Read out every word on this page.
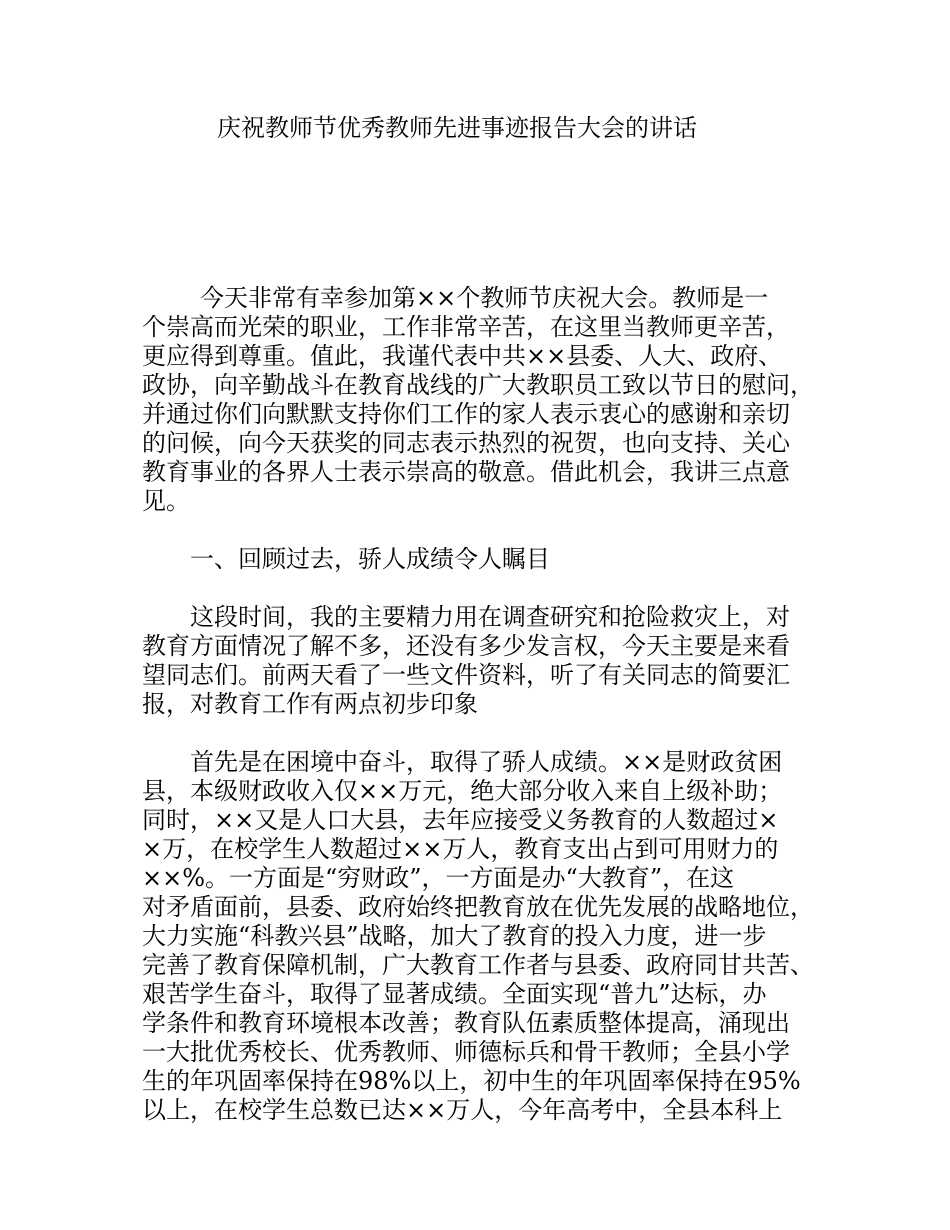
庆祝教师节优秀教师先进事迹报告大会的讲话
今天非常有幸参加第××个教师节庆祝大会。教师是一
个崇高而光荣的职业，工作非常辛苦，在这里当教师更辛苦，
更应得到尊重。值此，我谨代表中共××县委、人大、政府、
政协，向辛勤战斗在教育战线的广大教职员工致以节日的慰问，
并通过你们向默默支持你们工作的家人表示衷心的感谢和亲切
的问候，向今天获奖的同志表示热烈的祝贺，也向支持、关心
教育事业的各界人士表示崇高的敬意。借此机会，我讲三点意
见。
一、回顾过去，骄人成绩令人瞩目
这段时间，我的主要精力用在调查研究和抢险救灾上，对
教育方面情况了解不多，还没有多少发言权，今天主要是来看
望同志们。前两天看了一些文件资料，听了有关同志的简要汇
报，对教育工作有两点初步印象
首先是在困境中奋斗，取得了骄人成绩。××是财政贫困
县，本级财政收入仅××万元，绝大部分收入来自上级补助；
同时，××又是人口大县，去年应接受义务教育的人数超过×
×万，在校学生人数超过××万人，教育支出占到可用财力的
××%。一方面是“穷财政”，一方面是办“大教育”，在这
对矛盾面前，县委、政府始终把教育放在优先发展的战略地位，
大力实施“科教兴县”战略，加大了教育的投入力度，进一步
完善了教育保障机制，广大教育工作者与县委、政府同甘共苦、
艰苦学生奋斗，取得了显著成绩。全面实现“普九”达标，办
学条件和教育环境根本改善；教育队伍素质整体提高，涌现出
一大批优秀校长、优秀教师、师德标兵和骨干教师；全县小学
生的年巩固率保持在98%以上，初中生的年巩固率保持在95%
以上，在校学生总数已达××万人，今年高考中，全县本科上
